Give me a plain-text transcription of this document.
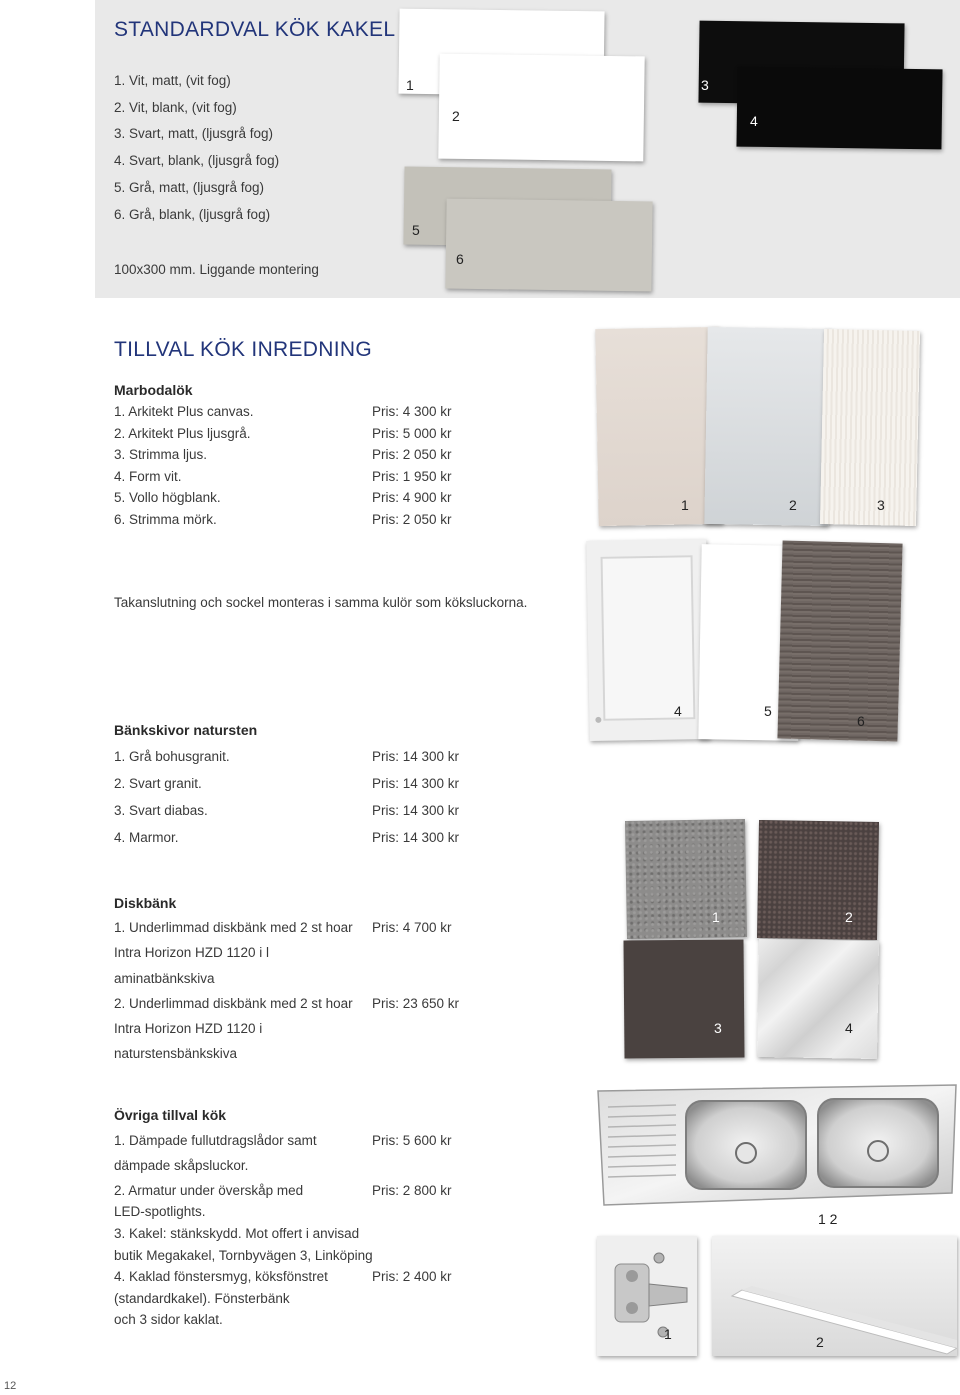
STANDARDVAL KÖK KAKEL
1. Vit, matt, (vit fog)
2. Vit, blank, (vit fog)
3. Svart, matt, (ljusgrå fog)
4. Svart, blank, (ljusgrå fog)
5. Grå, matt, (ljusgrå fog)
6. Grå, blank, (ljusgrå fog)
100x300 mm. Liggande montering
1
2
3
4
5
6
TILLVAL KÖK INREDNING
Marbodalök
1. Arkitekt Plus canvas.	Pris: 4 300 kr
2. Arkitekt Plus ljusgrå.	Pris: 5 000 kr
3. Strimma ljus.	Pris: 2 050 kr
4. Form vit.	Pris: 1 950 kr
5. Vollo högblank.	Pris: 4 900 kr
6. Strimma mörk.	Pris: 2 050 kr
Takanslutning och sockel monteras i samma kulör som köksluckorna.
1	2	3
4	5
6
Bänkskivor natursten
1. Grå bohusgranit.	Pris: 14 300 kr
2. Svart granit.	Pris: 14 300 kr
3. Svart diabas.	Pris: 14 300 kr
4. Marmor.	Pris: 14 300 kr
1	2
3	4
Diskbänk
1. Underlimmad diskbänk med 2 st hoar Pris: 4 700 kr
Intra Horizon HZD 1120 i l
aminatbänkskiva
2. Underlimmad diskbänk med 2 st hoar Pris: 23 650 kr
Intra Horizon HZD 1120 i
naturstensbänkskiva
1 2
Övriga tillval kök
1. Dämpade fullutdragslådor samt	Pris: 5 600 kr
dämpade skåpsluckor.
2. Armatur under överskåp med	Pris: 2 800 kr
LED-spotlights.
3. Kakel: stänkskydd. Mot offert i anvisad
butik Megakakel, Tornbyvägen 3, Linköping
4. Kaklad fönstersmyg, köksfönstret	Pris: 2 400 kr
(standardkakel). Fönsterbänk
och 3 sidor kaklat.
1	2
12
